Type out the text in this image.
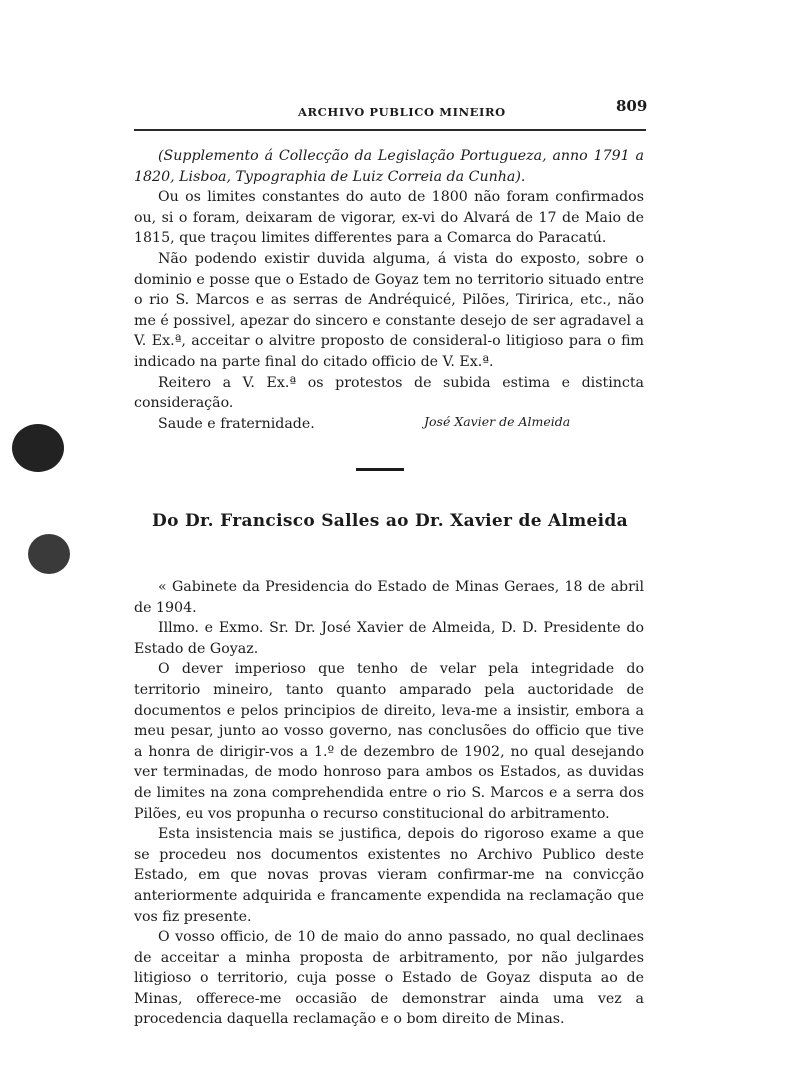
ARCHIVO PUBLICO MINEIRO	809

(Supplemento á Collecção da Legislação Portugueza, anno 1791 a 1820, Lisboa, Typographia de Luiz Correia da Cunha).

Ou os limites constantes do auto de 1800 não foram confirmados ou, si o foram, deixaram de vigorar, ex-vi do Alvará de 17 de Maio de 1815, que traçou limites differentes para a Comarca do Paracatú.

Não podendo existir duvida alguma, á vista do exposto, sobre o dominio e posse que o Estado de Goyaz tem no territorio situado entre o rio S. Marcos e as serras de Andréquicé, Pilões, Tiririca, etc., não me é possivel, apezar do sincero e constante desejo de ser agradavel a V. Ex.ª, acceitar o alvitre proposto de consideral-o litigioso para o fim indicado na parte final do citado officio de V. Ex.ª.

Reitero a V. Ex.ª os protestos de subida estima e distincta consideração.

Saude e fraternidade.	José Xavier de Almeida
Do Dr. Francisco Salles ao Dr. Xavier de Almeida

« Gabinete da Presidencia do Estado de Minas Geraes, 18 de abril de 1904.

Illmo. e Exmo. Sr. Dr. José Xavier de Almeida, D. D. Presidente do Estado de Goyaz.

O dever imperioso que tenho de velar pela integridade do territorio mineiro, tanto quanto amparado pela auctoridade de documentos e pelos principios de direito, leva-me a insistir, embora a meu pesar, junto ao vosso governo, nas conclusões do officio que tive a honra de dirigir-vos a 1.º de dezembro de 1902, no qual desejando ver terminadas, de modo honroso para ambos os Estados, as duvidas de limites na zona comprehendida entre o rio S. Marcos e a serra dos Pilões, eu vos propunha o recurso constitucional do arbitramento.

Esta insistencia mais se justifica, depois do rigoroso exame a que se procedeu nos documentos existentes no Archivo Publico deste Estado, em que novas provas vieram confirmar-me na convicção anteriormente adquirida e francamente expendida na reclamação que vos fiz presente.

O vosso officio, de 10 de maio do anno passado, no qual declinaes de acceitar a minha proposta de arbitramento, por não julgardes litigioso o territorio, cuja posse o Estado de Goyaz disputa ao de Minas, offerece-me occasião de demonstrar ainda uma vez a procedencia daquella reclamação e o bom direito de Minas.
